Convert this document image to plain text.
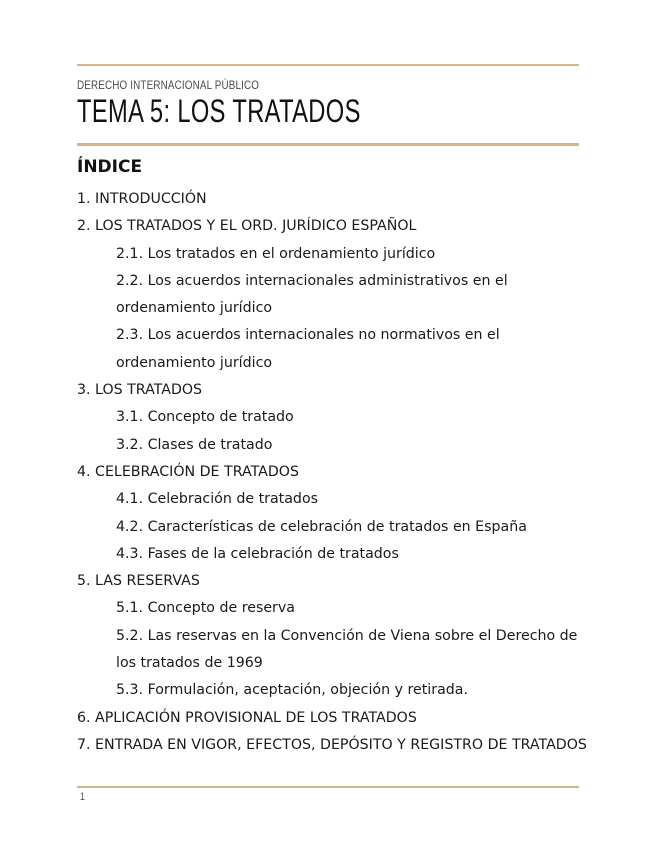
DERECHO INTERNACIONAL PÚBLICO
TEMA 5: LOS TRATADOS
ÍNDICE
1. INTRODUCCIÓN
2. LOS TRATADOS Y EL ORD. JURÍDICO ESPAÑOL
2.1. Los tratados en el ordenamiento jurídico
2.2. Los acuerdos internacionales administrativos en el ordenamiento jurídico
2.3. Los acuerdos internacionales no normativos en el ordenamiento jurídico
3. LOS TRATADOS
3.1. Concepto de tratado
3.2. Clases de tratado
4. CELEBRACIÓN DE TRATADOS
4.1. Celebración de tratados
4.2. Características de celebración de tratados en España
4.3. Fases de la celebración de tratados
5. LAS RESERVAS
5.1. Concepto de reserva
5.2. Las reservas en la Convención de Viena sobre el Derecho de los tratados de 1969
5.3. Formulación, aceptación, objeción y retirada.
6. APLICACIÓN PROVISIONAL DE LOS TRATADOS
7. ENTRADA EN VIGOR, EFECTOS, DEPÓSITO Y REGISTRO DE TRATADOS
1
